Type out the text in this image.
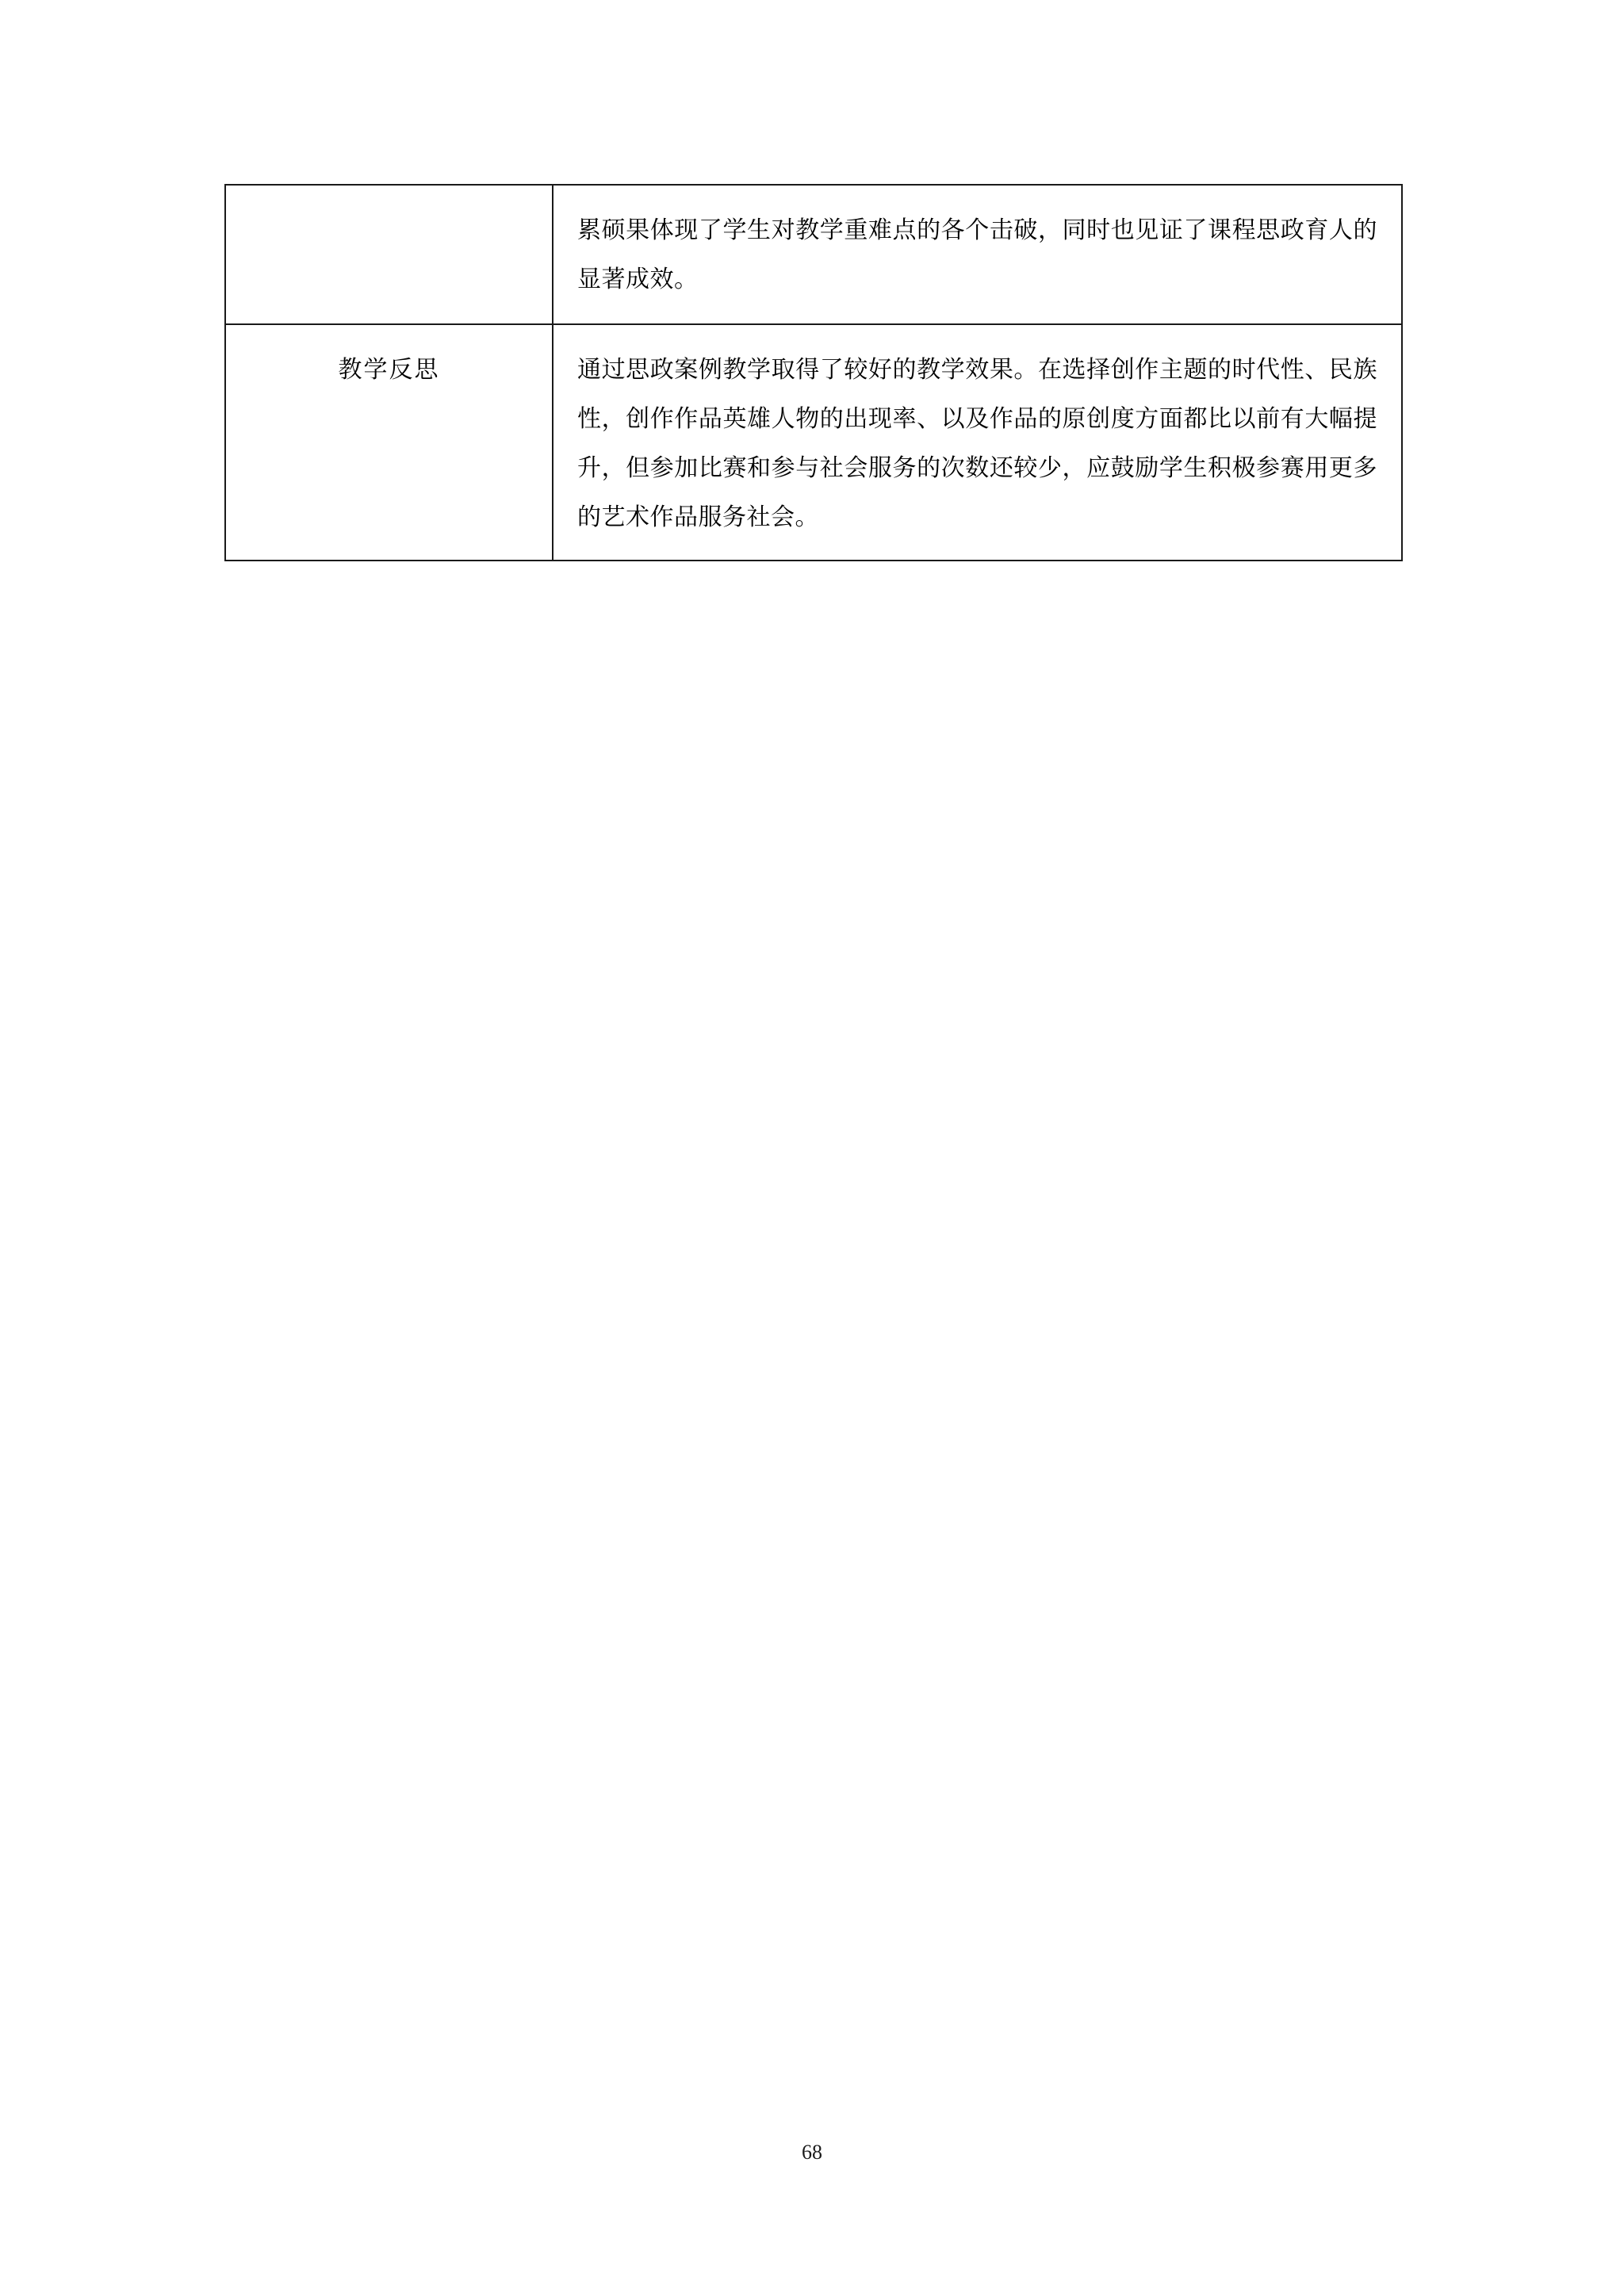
	累硕果体现了学生对教学重难点的各个击破，同时也见证了课程思政育人的显著成效。

教学反思	通过思政案例教学取得了较好的教学效果。在选择创作主题的时代性、民族性，创作作品英雄人物的出现率、以及作品的原创度方面都比以前有大幅提升，但参加比赛和参与社会服务的次数还较少，应鼓励学生积极参赛用更多的艺术作品服务社会。
68
